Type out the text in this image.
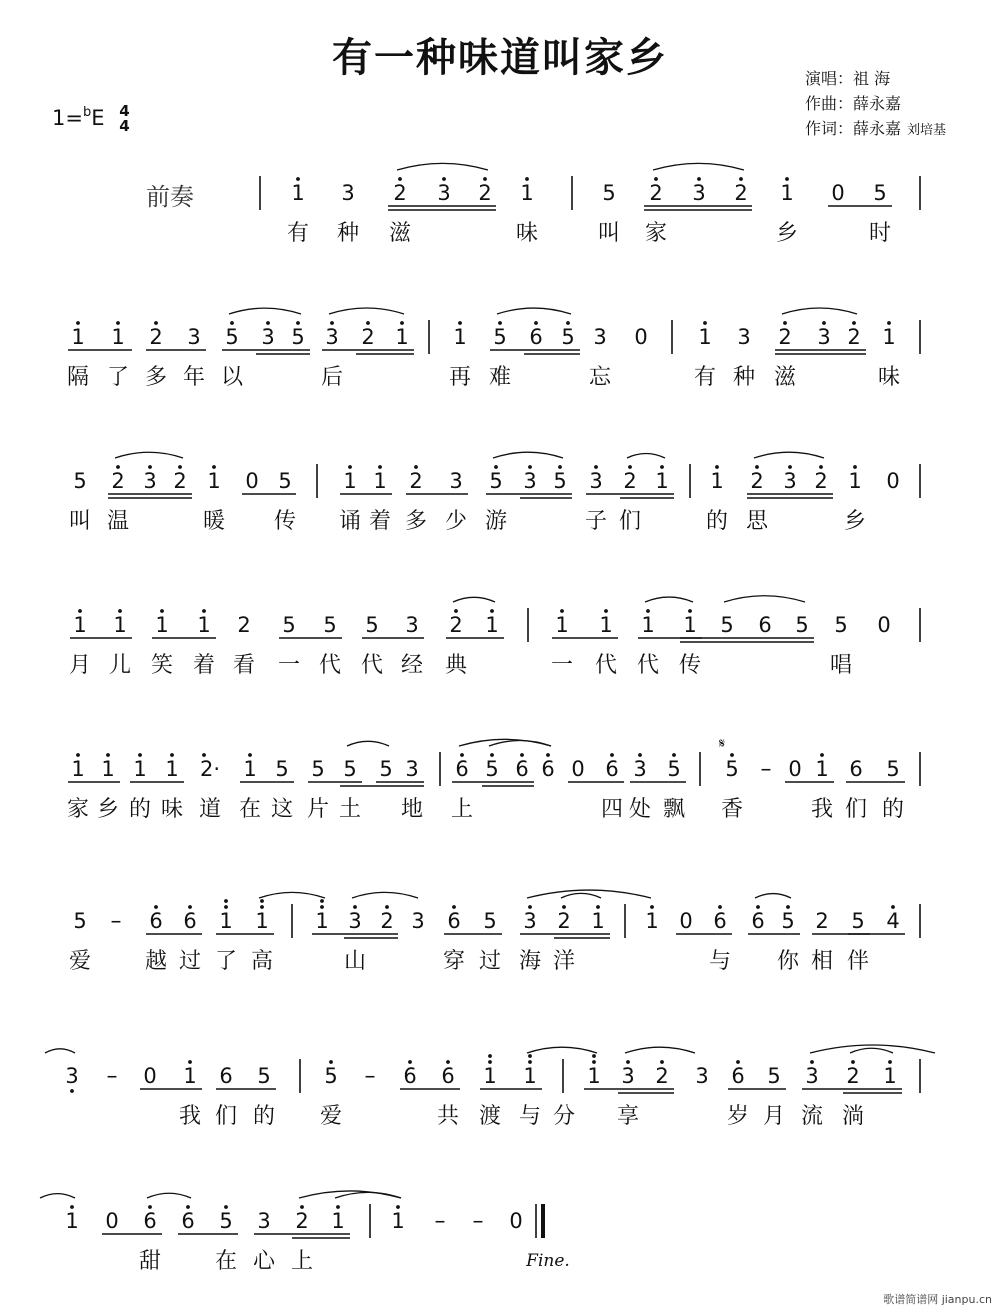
有一种味道叫家乡	演唱：祖 海
作曲：薛永嘉
作词：薛永嘉 刘培基
1=$^b$E 4
4
前奏	1 3 2 3 2 1	5 2 3 2 1 0 5
有 种 滋	味	叫 家	乡	时
1 1 2 3 5 3 5 3 2 1 1 5 6 5 3 0 1 3 2 3 2 1
隔 了 多 年 以	后	再 难	忘	有 种 滋	味
5 2 3 2 1 0 5 1 1 2 3 5 3 5 3 2 1 1 2 3 2 1 0
叫 温	暖 传 诵 着 多 少 游	子 们	的 思	乡
1 1 1 1 2 5 5 5 3 2 1	1 1 1 1 5 6 5 5 0
月 儿 笑 着 看 一 代 代 经 典	一 代 代 传	唱
1 1 1 1 2· 1 5 5 5 5 3 6 5 6 6 0 6 3 5 5 – 0 1 6 5
家 乡 的 味 道 在 这 片 土 地 上	四 处 飘 香	我 们 的
𝄋
5 – 6 6 1 1 1 3 2 3 6 5 3 2 1 1 0 6 6 5 2 5 4
爱 越 过 了 高	山	穿 过 海 洋	与 你 相 伴
3 – 0 1 6 5	5 – 6 6 1 1 1 3 2 3 6 5 3 2 1
我 们 的 爱	共 渡 与 分 享	岁 月 流 淌
1 0 6 6 5 3 2 1 1 – – 0
甜 在 心 上	Fine.
歌谱简谱网 jianpu.cn
